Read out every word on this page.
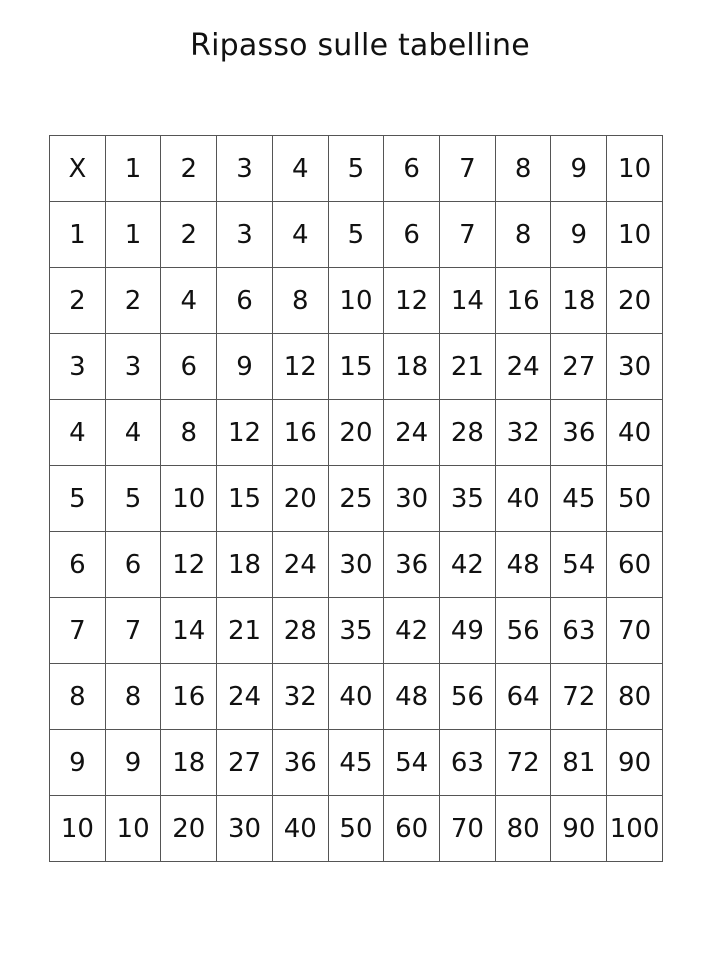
Ripasso sulle tabelline
X	1	2	3	4	5	6	7	8	9	10
1	1	2	3	4	5	6	7	8	9	10
2	2	4	6	8	10	12	14	16	18	20
3	3	6	9	12	15	18	21	24	27	30
4	4	8	12	16	20	24	28	32	36	40
5	5	10	15	20	25	30	35	40	45	50
6	6	12	18	24	30	36	42	48	54	60
7	7	14	21	28	35	42	49	56	63	70
8	8	16	24	32	40	48	56	64	72	80
9	9	18	27	36	45	54	63	72	81	90
10	10	20	30	40	50	60	70	80	90	100
